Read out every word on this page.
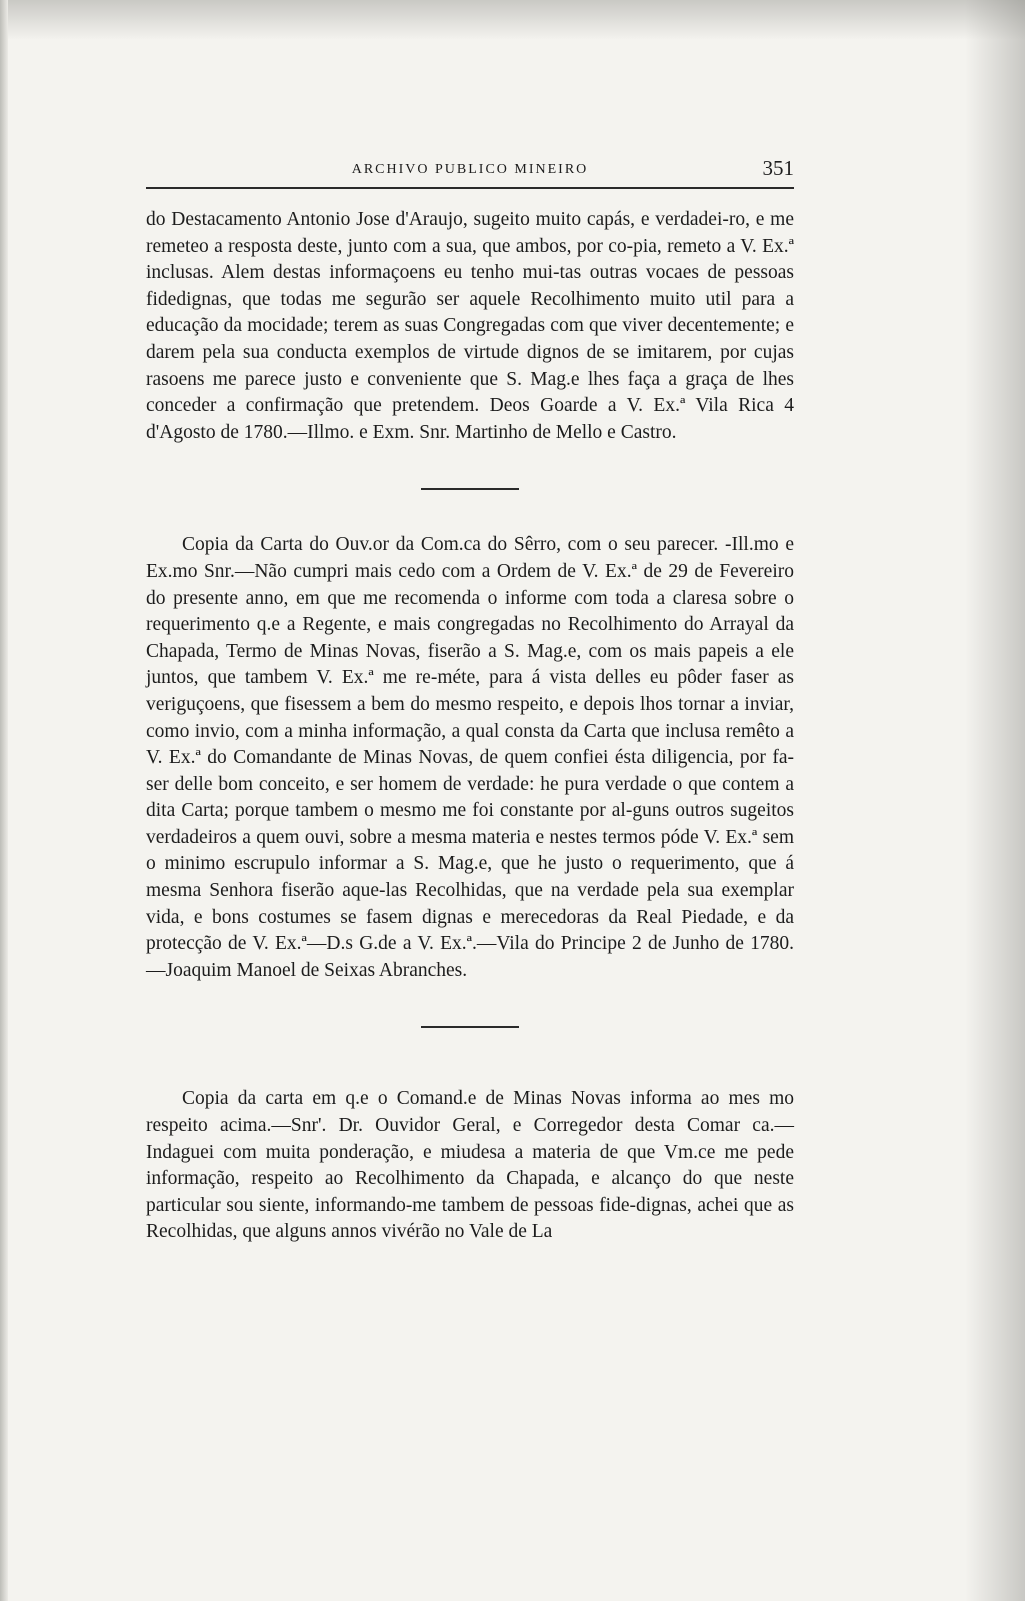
ARCHIVO PUBLICO MINEIRO	351

do Destacamento Antonio Jose d'Araujo, sugeito muito capás, e verdadei-ro, e me remeteo a resposta deste, junto com a sua, que ambos, por co-pia, remeto a V. Ex.ª inclusas. Alem destas informaçoens eu tenho mui-tas outras vocaes de pessoas fidedignas, que todas me segurão ser aquele Recolhimento muito util para a educação da mocidade; terem as suas Congregadas com que viver decentemente; e darem pela sua conducta exemplos de virtude dignos de se imitarem, por cujas rasoens me parece justo e conveniente que S. Mag.e lhes faça a graça de lhes conceder a confirmação que pretendem. Deos Goarde a V. Ex.ª Vila Rica 4 d'Agosto de 1780.—Illmo. e Exm. Snr. Martinho de Mello e Castro.

Copia da Carta do Ouv.or da Com.ca do Sêrro, com o seu parecer. -Ill.mo e Ex.mo Snr.—Não cumpri mais cedo com a Ordem de V. Ex.ª de 29 de Fevereiro do presente anno, em que me recomenda o informe com toda a claresa sobre o requerimento q.e a Regente, e mais congregadas no Recolhimento do Arrayal da Chapada, Termo de Minas Novas, fiserão a S. Mag.e, com os mais papeis a ele juntos, que tambem V. Ex.ª me re-méte, para á vista delles eu pôder faser as veriguçoens, que fisessem a bem do mesmo respeito, e depois lhos tornar a inviar, como invio, com a minha informação, a qual consta da Carta que inclusa remêto a V. Ex.ª do Comandante de Minas Novas, de quem confiei ésta diligencia, por fa-ser delle bom conceito, e ser homem de verdade: he pura verdade o que contem a dita Carta; porque tambem o mesmo me foi constante por al-guns outros sugeitos verdadeiros a quem ouvi, sobre a mesma materia e nestes termos póde V. Ex.ª sem o minimo escrupulo informar a S. Mag.e, que he justo o requerimento, que á mesma Senhora fiserão aque-las Recolhidas, que na verdade pela sua exemplar vida, e bons costumes se fasem dignas e merecedoras da Real Piedade, e da protecção de V. Ex.ª—D.s G.de a V. Ex.ª.—Vila do Principe 2 de Junho de 1780.—Joaquim Manoel de Seixas Abranches.

Copia da carta em q.e o Comand.e de Minas Novas informa ao mes mo respeito acima.—Snr'. Dr. Ouvidor Geral, e Corregedor desta Comar ca.—Indaguei com muita ponderação, e miudesa a materia de que Vm.ce me pede informação, respeito ao Recolhimento da Chapada, e alcanço do que neste particular sou siente, informando-me tambem de pessoas fide-dignas, achei que as Recolhidas, que alguns annos vivérão no Vale de La
